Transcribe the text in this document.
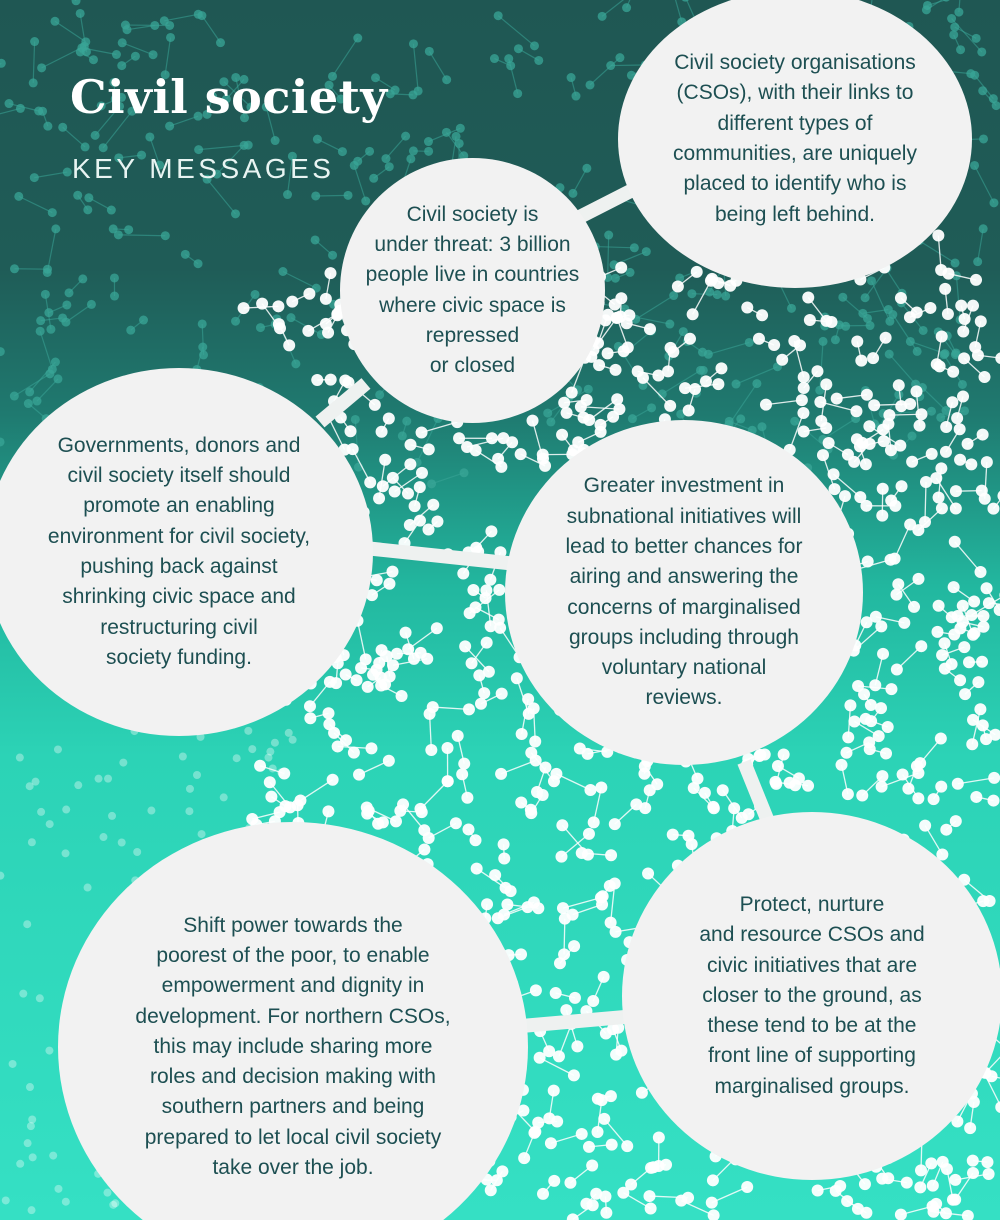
Civil society
KEY MESSAGES

Civil society organisations
(CSOs), with their links to
different types of
communities, are uniquely
placed to identify who is
being left behind.

Civil society is
under threat: 3 billion
people live in countries
where civic space is
repressed
or closed

Governments, donors and
civil society itself should
promote an enabling
environment for civil society,
pushing back against
shrinking civic space and
restructuring civil
society funding.

Greater investment in
subnational initiatives will
lead to better chances for
airing and answering the
concerns of marginalised
groups including through
voluntary national
reviews.

Shift power towards the
poorest of the poor, to enable
empowerment and dignity in
development. For northern CSOs,
this may include sharing more
roles and decision making with
southern partners and being
prepared to let local civil society
take over the job.

Protect, nurture
and resource CSOs and
civic initiatives that are
closer to the ground, as
these tend to be at the
front line of supporting
marginalised groups.
